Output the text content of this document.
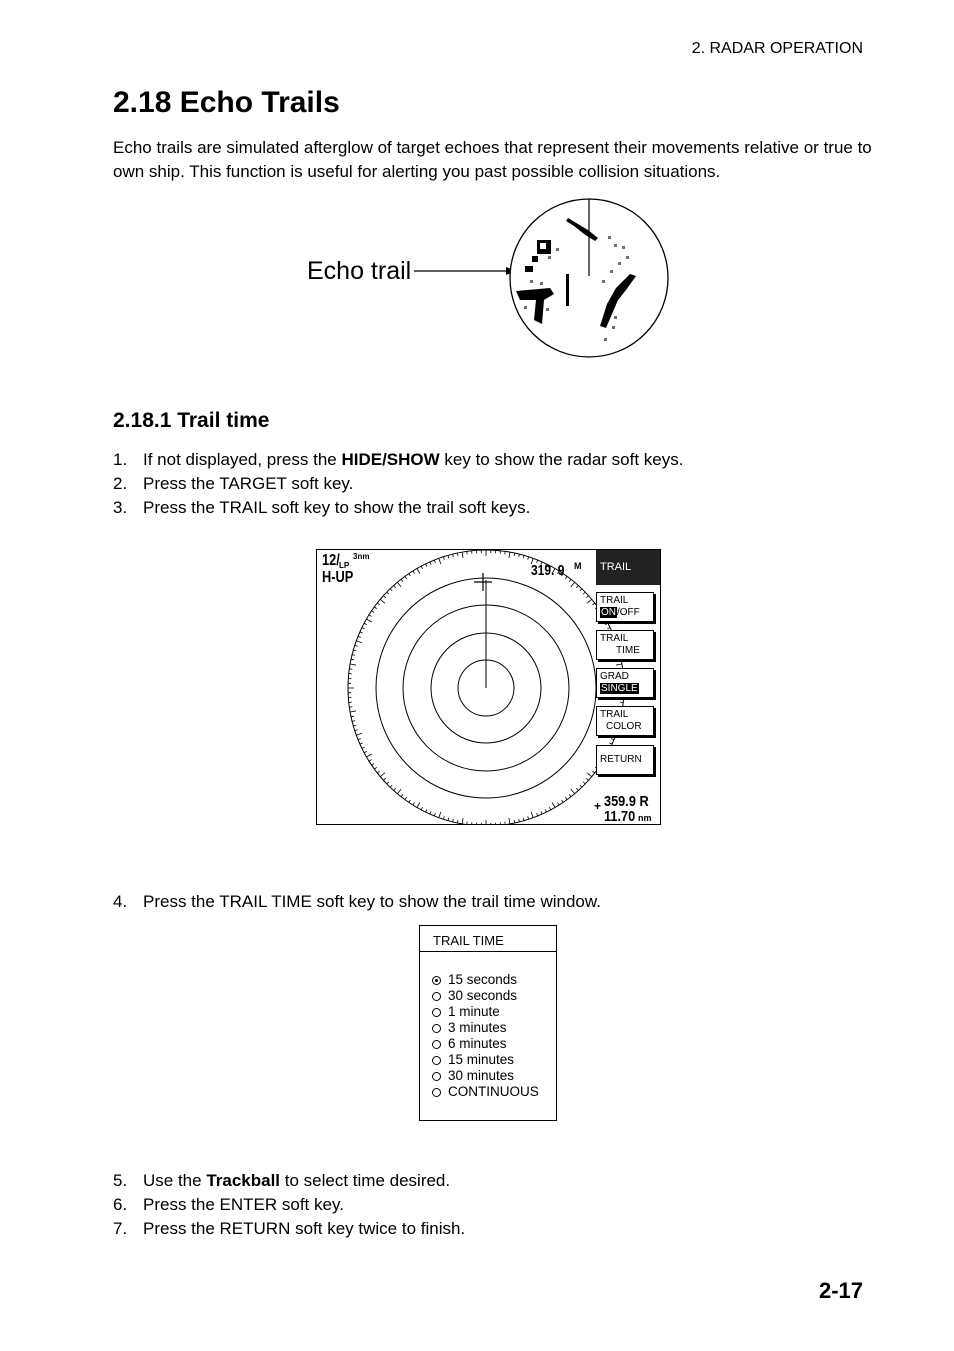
2. RADAR OPERATION
2.18 Echo Trails

Echo trails are simulated afterglow of target echoes that represent their movements relative or true to own ship. This function is useful for alerting you past possible collision situations.

Echo trail
2.18.1 Trail time
1. If not displayed, press the HIDE/SHOW key to show the radar soft keys.
2. Press the TARGET soft key.
3. Press the TRAIL soft key to show the trail soft keys.
12/ LP
3nm
H-UP	319. 9 M
+ 359.9 R
11.70 nm
TRAIL
TRAIL
ON/OFF
TRAIL
TIME
GRAD
SINGLE
TRAIL
COLOR
RETURN
4. Press the TRAIL TIME soft key to show the trail time window.
TRAIL TIME
15 seconds
30 seconds
1 minute
3 minutes
6 minutes
15 minutes
30 minutes
CONTINUOUS
5. Use the Trackball to select time desired.
6. Press the ENTER soft key.
7. Press the RETURN soft key twice to finish.
2-17
